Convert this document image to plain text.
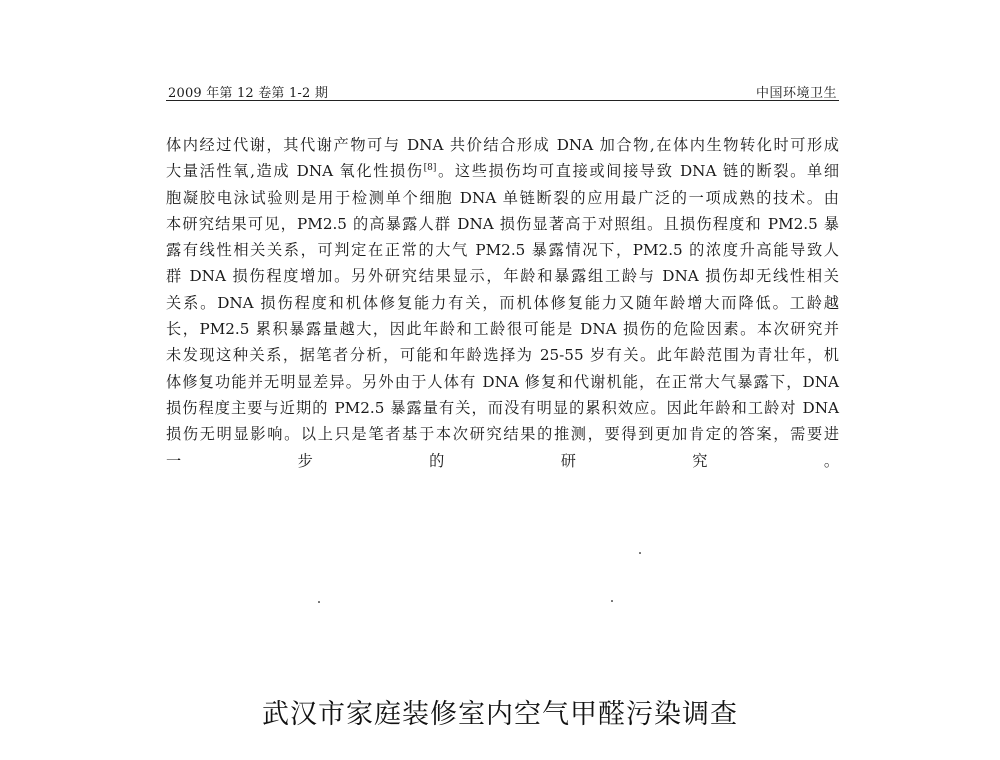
2009 年第 12 卷第 1-2 期	中国环境卫生
体内经过代谢，其代谢产物可与 DNA 共价结合形成 DNA 加合物,在体内生物转化时可形成
大量活性氧,造成 DNA 氧化性损伤[8]。这些损伤均可直接或间接导致 DNA 链的断裂。单细
胞凝胶电泳试验则是用于检测单个细胞 DNA 单链断裂的应用最广泛的一项成熟的技术。由
本研究结果可见，PM2.5 的高暴露人群 DNA 损伤显著高于对照组。且损伤程度和 PM2.5 暴
露有线性相关关系，可判定在正常的大气 PM2.5 暴露情况下，PM2.5 的浓度升高能导致人
群 DNA 损伤程度增加。另外研究结果显示，年龄和暴露组工龄与 DNA 损伤却无线性相关
关系。DNA 损伤程度和机体修复能力有关，而机体修复能力又随年龄增大而降低。工龄越
长，PM2.5 累积暴露量越大，因此年龄和工龄很可能是 DNA 损伤的危险因素。本次研究并
未发现这种关系，据笔者分析，可能和年龄选择为 25-55 岁有关。此年龄范围为青壮年，机
体修复功能并无明显差异。另外由于人体有 DNA 修复和代谢机能，在正常大气暴露下，DNA
损伤程度主要与近期的 PM2.5 暴露量有关，而没有明显的累积效应。因此年龄和工龄对 DNA
损伤无明显影响。以上只是笔者基于本次研究结果的推测，要得到更加肯定的答案，需要进
一步的研究。
武汉市家庭装修室内空气甲醛污染调查
